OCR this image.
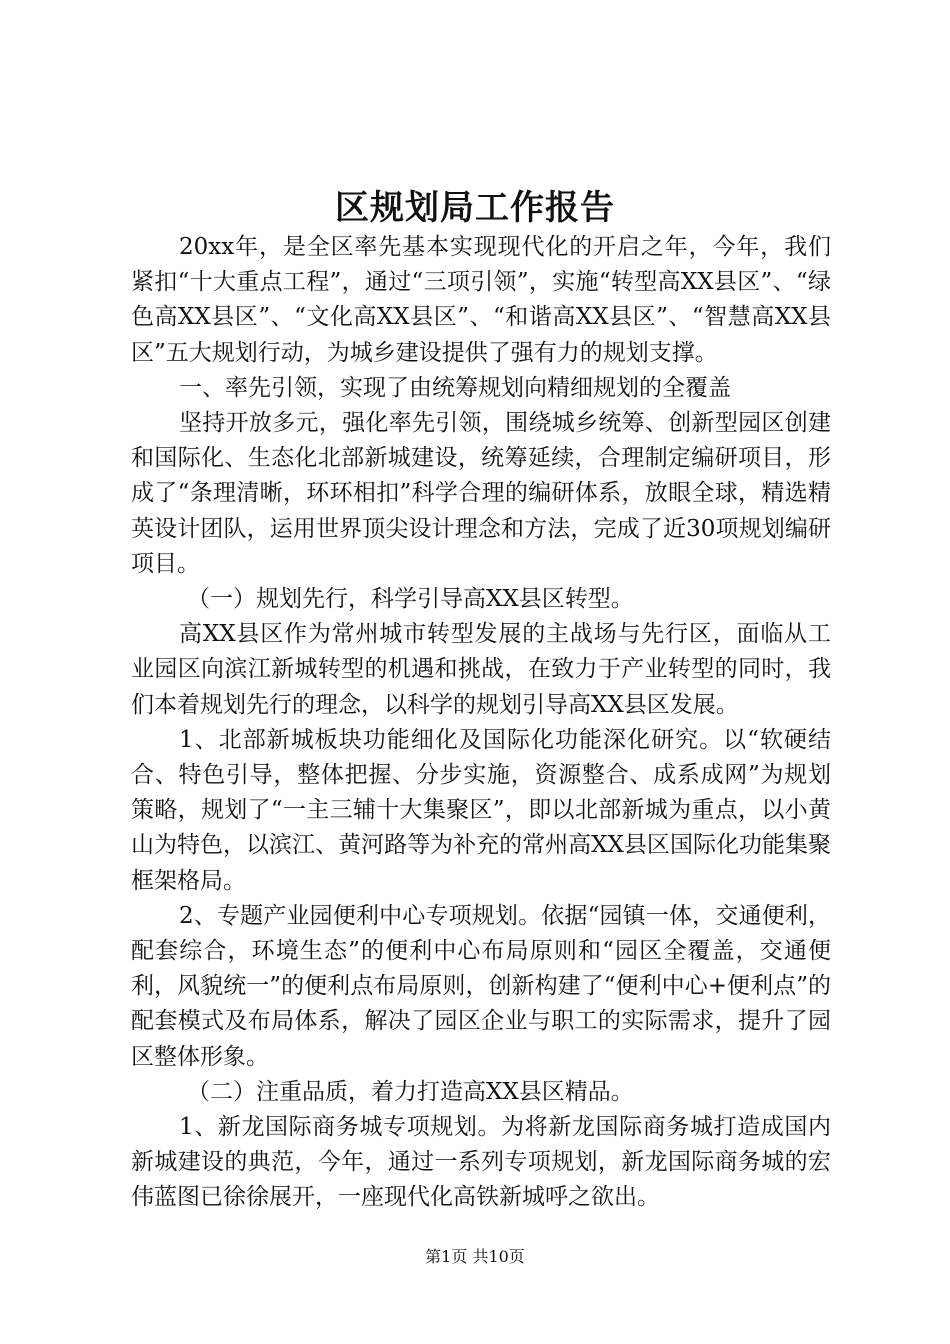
区规划局工作报告

20xx年，是全区率先基本实现现代化的开启之年，今年，我们紧扣“十大重点工程”，通过“三项引领”，实施“转型高XX县区”、“绿色高XX县区”、“文化高XX县区”、“和谐高XX县区”、“智慧高XX县区”五大规划行动，为城乡建设提供了强有力的规划支撑。

一、率先引领，实现了由统筹规划向精细规划的全覆盖

坚持开放多元，强化率先引领，围绕城乡统筹、创新型园区创建和国际化、生态化北部新城建设，统筹延续，合理制定编研项目，形成了“条理清晰，环环相扣”科学合理的编研体系，放眼全球，精选精英设计团队，运用世界顶尖设计理念和方法，完成了近30项规划编研项目。

（一）规划先行，科学引导高XX县区转型。

高XX县区作为常州城市转型发展的主战场与先行区，面临从工业园区向滨江新城转型的机遇和挑战，在致力于产业转型的同时，我们本着规划先行的理念，以科学的规划引导高XX县区发展。

1、北部新城板块功能细化及国际化功能深化研究。以“软硬结合、特色引导，整体把握、分步实施，资源整合、成系成网”为规划策略，规划了“一主三辅十大集聚区”，即以北部新城为重点，以小黄山为特色，以滨江、黄河路等为补充的常州高XX县区国际化功能集聚框架格局。

2、专题产业园便利中心专项规划。依据“园镇一体，交通便利，配套综合，环境生态”的便利中心布局原则和“园区全覆盖，交通便利，风貌统一”的便利点布局原则，创新构建了“便利中心+便利点”的配套模式及布局体系，解决了园区企业与职工的实际需求，提升了园区整体形象。

（二）注重品质，着力打造高XX县区精品。

1、新龙国际商务城专项规划。为将新龙国际商务城打造成国内新城建设的典范，今年，通过一系列专项规划，新龙国际商务城的宏伟蓝图已徐徐展开，一座现代化高铁新城呼之欲出。

第1页 共10页
